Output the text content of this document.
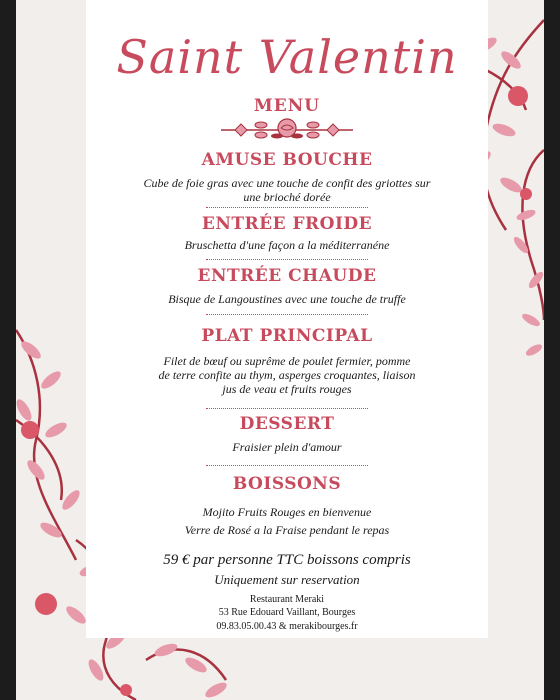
Saint Valentin
MENU
AMUSE BOUCHE
Cube de foie gras avec une touche de confit des griottes sur
une brioché dorée
ENTRÉE FROIDE
Bruschetta d'une façon a la méditerranéne
ENTRÉE CHAUDE
Bisque de Langoustines avec une touche de truffe
PLAT PRINCIPAL
Filet de bœuf ou suprême de poulet fermier, pomme
de terre confite au thym, asperges croquantes, liaison
jus de veau et fruits rouges
DESSERT
Fraisier plein d'amour
BOISSONS
Mojito Fruits Rouges en bienvenue
Verre de Rosé a la Fraise pendant le repas
59 € par personne TTC boissons compris
Uniquement sur reservation
Restaurant Meraki
53 Rue Edouard Vaillant, Bourges
09.83.05.00.43 & merakibourges.fr
